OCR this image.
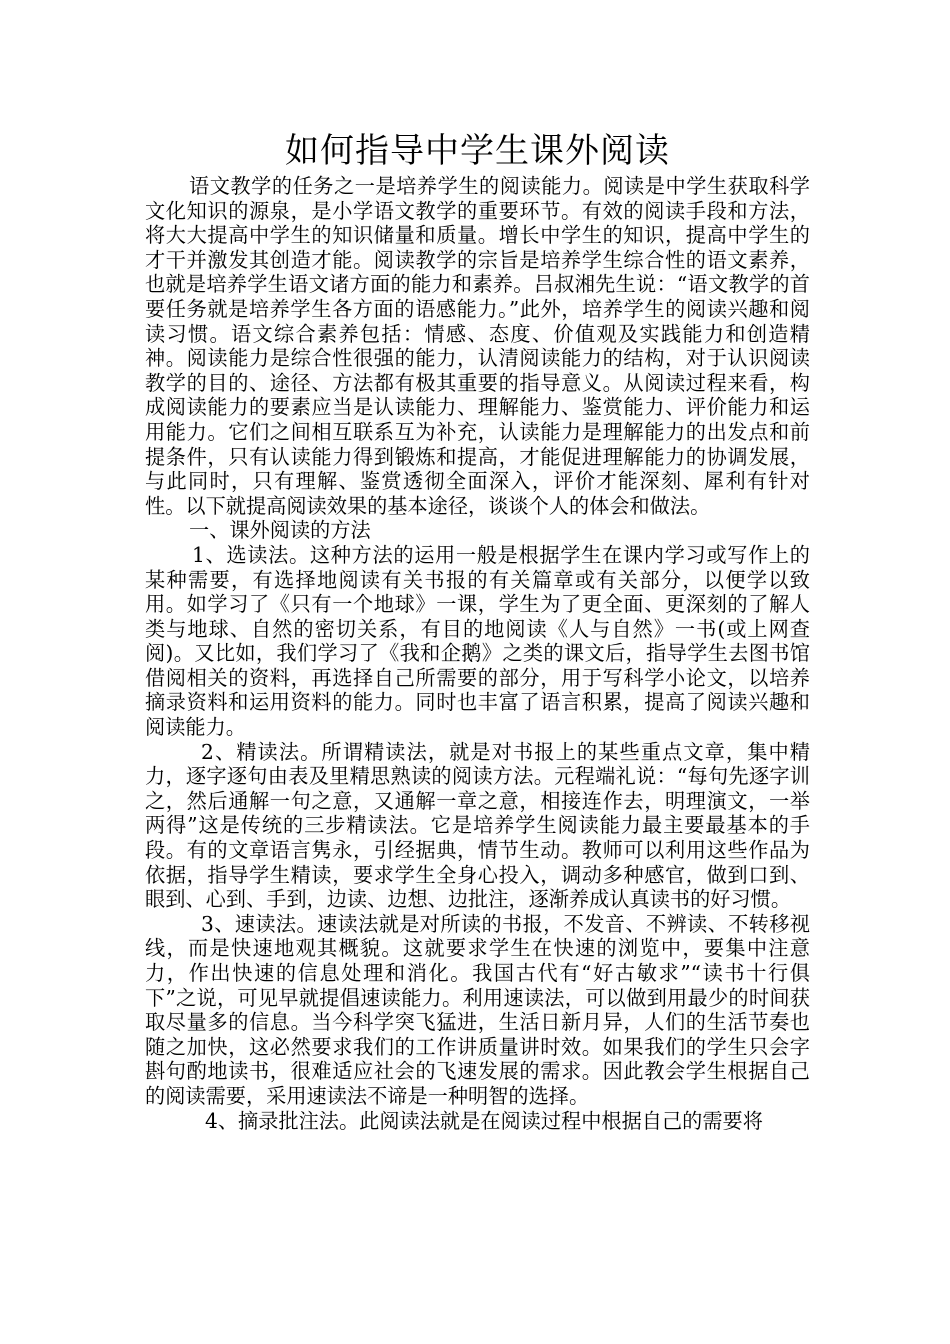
如何指导中学生课外阅读

语文教学的任务之一是培养学生的阅读能力。阅读是中学生获取科学文化知识的源泉，是小学语文教学的重要环节。有效的阅读手段和方法，将大大提高中学生的知识储量和质量。增长中学生的知识，提高中学生的才干并激发其创造才能。阅读教学的宗旨是培养学生综合性的语文素养，也就是培养学生语文诸方面的能力和素养。吕叔湘先生说：“语文教学的首要任务就是培养学生各方面的语感能力。”此外，培养学生的阅读兴趣和阅读习惯。语文综合素养包括：情感、态度、价值观及实践能力和创造精神。阅读能力是综合性很强的能力，认清阅读能力的结构，对于认识阅读教学的目的、途径、方法都有极其重要的指导意义。从阅读过程来看，构成阅读能力的要素应当是认读能力、理解能力、鉴赏能力、评价能力和运用能力。它们之间相互联系互为补充，认读能力是理解能力的出发点和前提条件，只有认读能力得到锻炼和提高，才能促进理解能力的协调发展，与此同时，只有理解、鉴赏透彻全面深入，评价才能深刻、犀利有针对性。以下就提高阅读效果的基本途径，谈谈个人的体会和做法。

一、课外阅读的方法

1、选读法。这种方法的运用一般是根据学生在课内学习或写作上的某种需要，有选择地阅读有关书报的有关篇章或有关部分，以便学以致用。如学习了《只有一个地球》一课，学生为了更全面、更深刻的了解人类与地球、自然的密切关系，有目的地阅读《人与自然》一书(或上网查阅)。又比如，我们学习了《我和企鹅》之类的课文后，指导学生去图书馆借阅相关的资料，再选择自己所需要的部分，用于写科学小论文，以培养摘录资料和运用资料的能力。同时也丰富了语言积累，提高了阅读兴趣和阅读能力。

2、精读法。所谓精读法，就是对书报上的某些重点文章，集中精力，逐字逐句由表及里精思熟读的阅读方法。元程端礼说：“每句先逐字训之，然后通解一句之意，又通解一章之意，相接连作去，明理演文，一举两得”这是传统的三步精读法。它是培养学生阅读能力最主要最基本的手段。有的文章语言隽永，引经据典，情节生动。教师可以利用这些作品为依据，指导学生精读，要求学生全身心投入，调动多种感官，做到口到、眼到、心到、手到，边读、边想、边批注，逐渐养成认真读书的好习惯。

3、速读法。速读法就是对所读的书报，不发音、不辨读、不转移视线，而是快速地观其概貌。这就要求学生在快速的浏览中，要集中注意力，作出快速的信息处理和消化。我国古代有“好古敏求”“读书十行俱下”之说，可见早就提倡速读能力。利用速读法，可以做到用最少的时间获取尽量多的信息。当今科学突飞猛进，生活日新月异，人们的生活节奏也随之加快，这必然要求我们的工作讲质量讲时效。如果我们的学生只会字斟句酌地读书，很难适应社会的飞速发展的需求。因此教会学生根据自己的阅读需要，采用速读法不谛是一种明智的选择。

4、摘录批注法。此阅读法就是在阅读过程中根据自己的需要将
